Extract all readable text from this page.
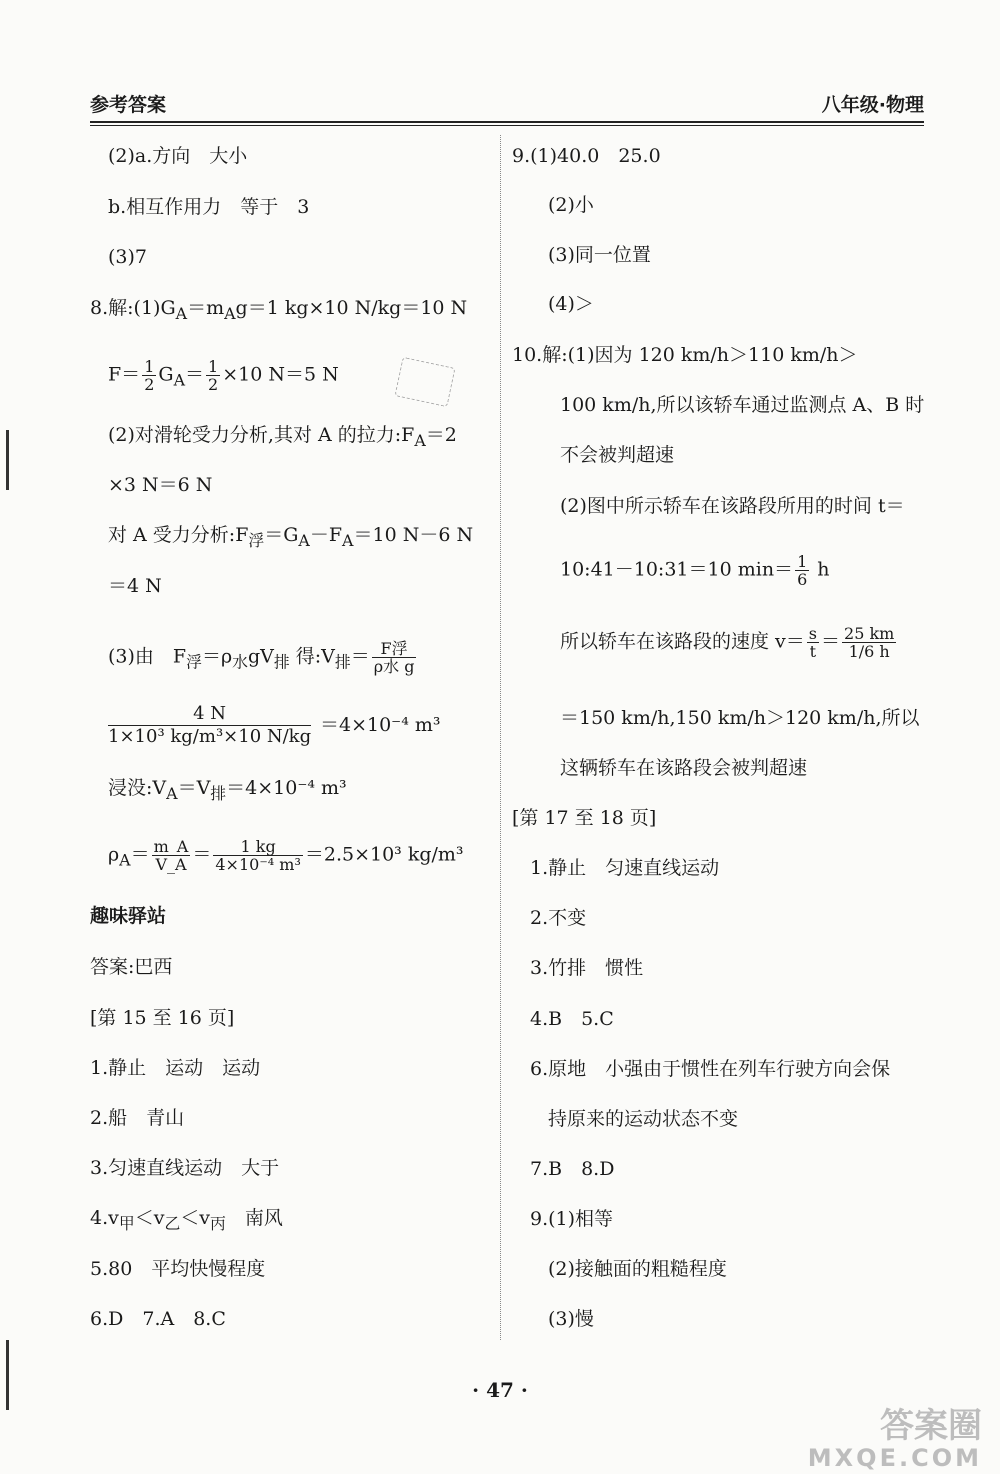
参考答案	八年级·物理
(2)a.方向　大小
b.相互作用力　等于　3
(3)7
8.解$:(1)G_A=m_Ag=1$ kg×10 N/kg＝10 N
$F= \frac{1}{2} G_A= \frac{1}{2} \times 10$ N＝5 N
(2)对滑轮受力分析,其对 A 的拉力$:F_A=2$
×3 N＝6 N
对 A 受力分析$:F_浮=G_A-F_A=10$ N－6 N
＝4 N
(3)由　$F_浮=\rho_水gV_排$ 得$:V_排= \frac{\text{F浮}}{\text{ρ水 g}}$
4 N
1×10³ kg/m³×10 N/kg
＝4×10⁻⁴ m³
浸没$:V_A=V_排=4\times 10^{-4}$ m³
$\rho_A= \frac{m\_A}{V\_A} = \frac{1 kg}{\text{4×10⁻⁴ m³}} =2.5\times 10^3$ kg/m³
趣味驿站
答案:巴西
[第 15 至 16 页]
1.静止　运动　运动
2.船　青山
3.匀速直线运动　大于
$4.v_甲<v_乙<v_丙$　南风
5.80　平均快慢程度
6.D　7.A　8.C
9.(1)40.0　25.0
(2)小
(3)同一位置
(4)＞
10.解:(1)因为 120 km/h＞110 km/h＞
100 km/h,所以该轿车通过监测点 A、B 时
不会被判超速
(2)图中所示轿车在该路段所用的时间 t＝
10:41－10:31＝10 $\min= \frac{1}{6}$ h
所以轿车在该路段的速度 $v= \frac{s}{t} = \frac{25 km}{1/6 h}$
＝150 km/h,150 km/h＞120 km/h,所以
这辆轿车在该路段会被判超速
[第 17 至 18 页]
1.静止　匀速直线运动
2.不变
3.竹排　惯性
4.B　5.C
6.原地　小强由于惯性在列车行驶方向会保
持原来的运动状态不变
7.B　8.D
9.(1)相等
(2)接触面的粗糙程度
(3)慢
· 47 ·
答案圈
MXQE.COM
